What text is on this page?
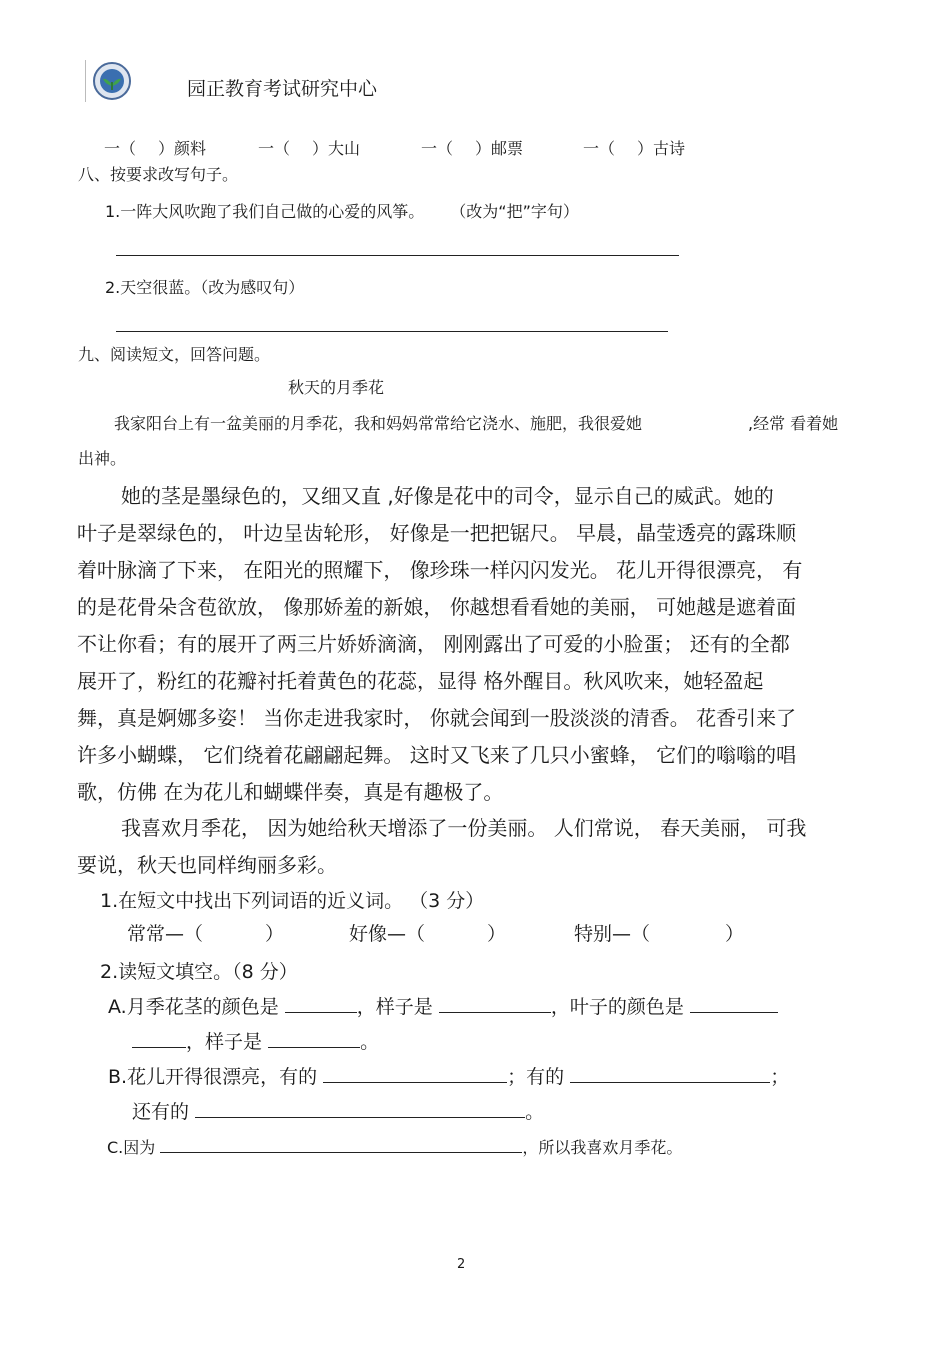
园正教育考试研究中心
一（ ）颜料	一（ ）大山	一（ ）邮票	一（ ）古诗
八、按要求改写句子。
1.一阵大风吹跑了我们自己做的心爱的风筝。 （改为“把”字句）
2.天空很蓝。（改为感叹句）
九、阅读短文，回答问题。
秋天的月季花
我家阳台上有一盆美丽的月季花，我和妈妈常常给它浇水、施肥，我很爱她	,经常 看着她
出神。
她的茎是墨绿色的，又细又直 ,好像是花中的司令，显示自己的威武。她的
叶子是翠绿色的， 叶边呈齿轮形， 好像是一把把锯尺。 早晨，晶莹透亮的露珠顺
着叶脉滴了下来， 在阳光的照耀下， 像珍珠一样闪闪发光。 花儿开得很漂亮， 有
的是花骨朵含苞欲放， 像那娇羞的新娘， 你越想看看她的美丽， 可她越是遮着面
不让你看；有的展开了两三片娇娇滴滴， 刚刚露出了可爱的小脸蛋； 还有的全都
展开了，粉红的花瓣衬托着黄色的花蕊，显得 格外醒目。秋风吹来，她轻盈起
舞，真是婀娜多姿！ 当你走进我家时， 你就会闻到一股淡淡的清香。 花香引来了
许多小蝴蝶， 它们绕着花翩翩起舞。 这时又飞来了几只小蜜蜂， 它们的嗡嗡的唱
歌，仿佛 在为花儿和蝴蝶伴奏，真是有趣极了。
我喜欢月季花， 因为她给秋天增添了一份美丽。 人们常说， 春天美丽， 可我
要说，秋天也同样绚丽多彩。
1.在短文中找出下列词语的近义词。 （3 分）
常常—（	）	好像—（	）	特别—（	）
2.读短文填空。（8 分）
A.月季花茎的颜色是	，样子是	，叶子的颜色是
，样子是	。
B.花儿开得很漂亮，有的	；有的	；
还有的	。
C.因为	，所以我喜欢月季花。
2
